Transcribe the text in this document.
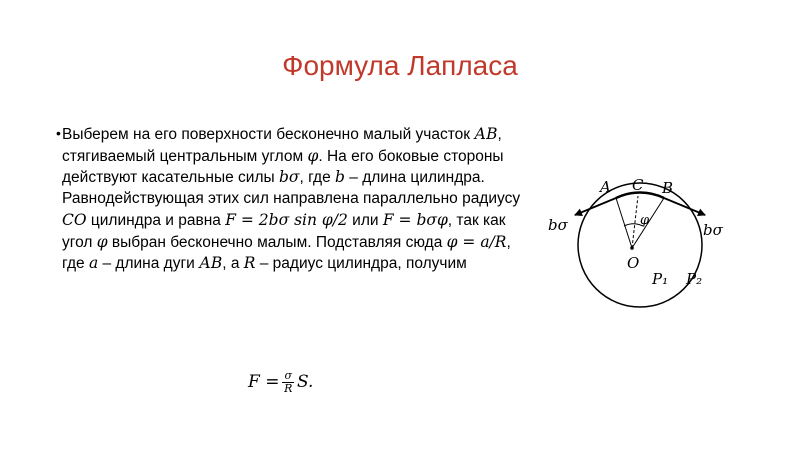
Формула Лапласа
• Выберем на его поверхности бесконечно малый участок АВ, стягиваемый центральным углом φ. На его боковые стороны действуют касательные силы bσ, где b – длина цилиндра. Равнодействующая этих сил направлена параллельно радиусу СО цилиндра и равна F = 2bσ sin φ/2 или F = bσφ, так как угол φ выбран бесконечно малым. Подставляя сюда φ = a/R, где a – длина дуги АВ, а R – радиус цилиндра, получим

$F = \frac{\sigma}{R} S$.
A C B
φ
O
bσ	bσ
P₁ P₂
